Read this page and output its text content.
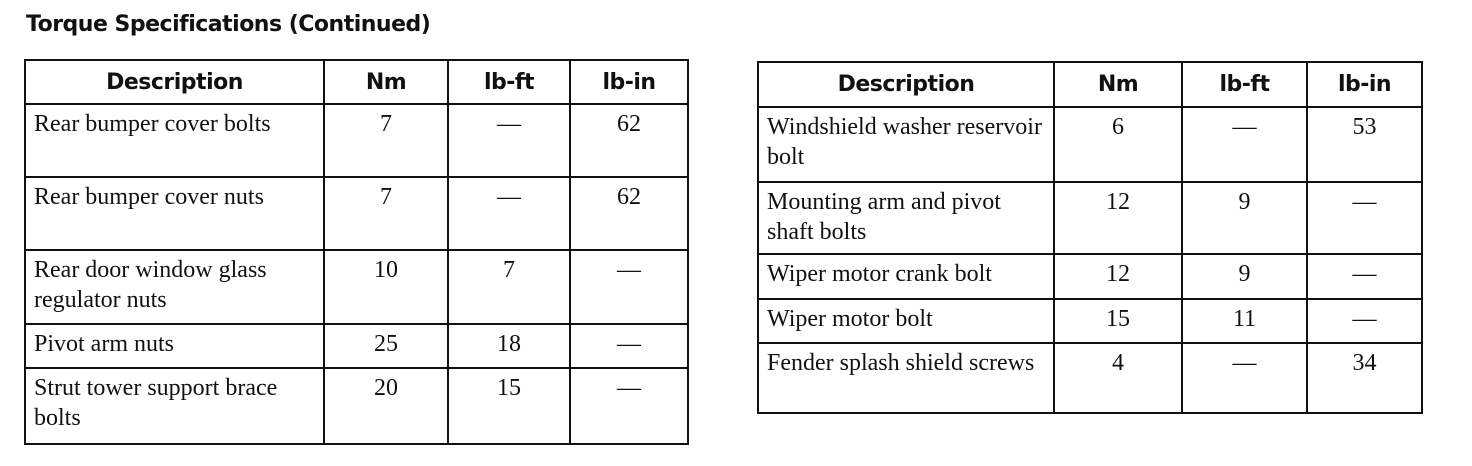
Torque Specifications (Continued)
Description	Nm	lb-ft	lb-in
Rear bumper cover bolts	7	—	62
Rear bumper cover nuts	7	—	62
Rear door window glass regulator nuts	10	7	—
Pivot arm nuts	25	18	—
Strut tower support brace bolts	20	15	—
Description	Nm	lb-ft	lb-in
Windshield washer reservoir bolt	6	—	53
Mounting arm and pivot shaft bolts	12	9	—
Wiper motor crank bolt	12	9	—
Wiper motor bolt	15	11	—
Fender splash shield screws	4	—	34
